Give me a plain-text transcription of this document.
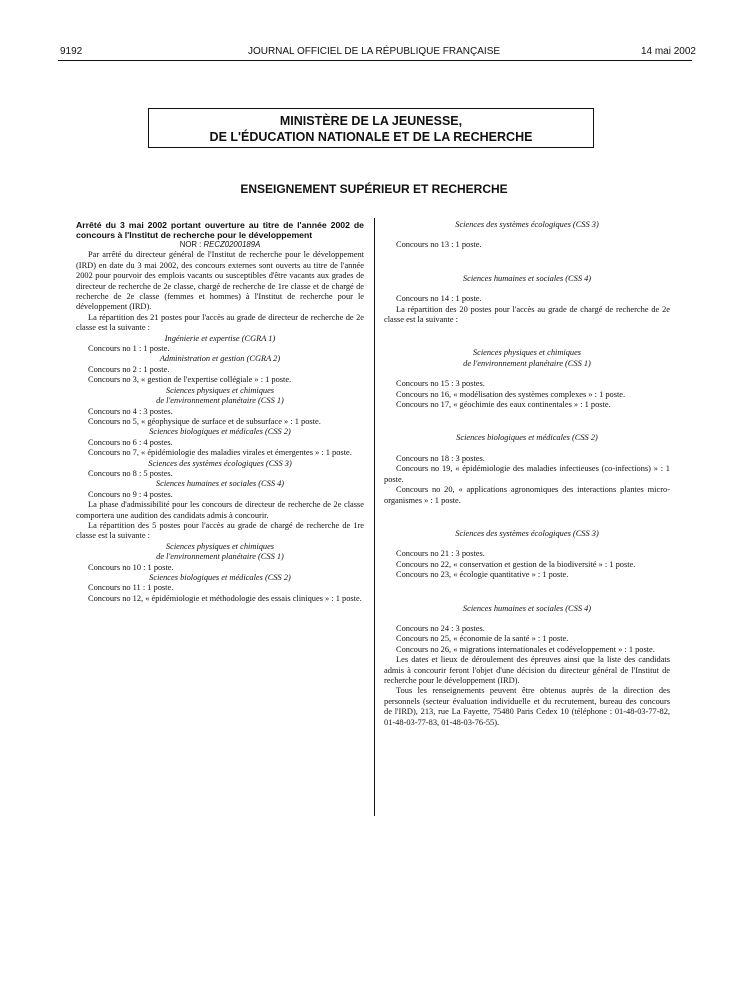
9192	JOURNAL OFFICIEL DE LA RÉPUBLIQUE FRANÇAISE	14 mai 2002
MINISTÈRE DE LA JEUNESSE,
DE L'ÉDUCATION NATIONALE ET DE LA RECHERCHE
ENSEIGNEMENT SUPÉRIEUR ET RECHERCHE

Arrêté du 3 mai 2002 portant ouverture au titre de l'année 2002 de concours à l'Institut de recherche pour le développement

NOR : RECZ0200189A

Par arrêté du directeur général de l'Institut de recherche pour le développement (IRD) en date du 3 mai 2002, des concours externes sont ouverts au titre de l'année 2002 pour pourvoir des emplois vacants ou susceptibles d'être vacants aux grades de directeur de recherche de 2e classe, chargé de recherche de 1re classe et de chargé de recherche de 2e classe (femmes et hommes) à l'Institut de recherche pour le développement (IRD).

La répartition des 21 postes pour l'accès au grade de directeur de recherche de 2e classe est la suivante :

Ingénierie et expertise (CGRA 1)

Concours no 1 : 1 poste.

Administration et gestion (CGRA 2)

Concours no 2 : 1 poste.

Concours no 3, « gestion de l'expertise collégiale » : 1 poste.

Sciences physiques et chimiques
de l'environnement planétaire (CSS 1)

Concours no 4 : 3 postes.

Concours no 5, « géophysique de surface et de subsurface » : 1 poste.

Sciences biologiques et médicales (CSS 2)

Concours no 6 : 4 postes.

Concours no 7, « épidémiologie des maladies virales et émergentes » : 1 poste.

Sciences des systèmes écologiques (CSS 3)

Concours no 8 : 5 postes.

Sciences humaines et sociales (CSS 4)

Concours no 9 : 4 postes.

La phase d'admissibilité pour les concours de directeur de recherche de 2e classe comportera une audition des candidats admis à concourir.

La répartition des 5 postes pour l'accès au grade de chargé de recherche de 1re classe est la suivante :

Sciences physiques et chimiques
de l'environnement planétaire (CSS 1)

Concours no 10 : 1 poste.

Sciences biologiques et médicales (CSS 2)

Concours no 11 : 1 poste.

Concours no 12, « épidémiologie et méthodologie des essais cliniques » : 1 poste.

Sciences des systèmes écologiques (CSS 3)

Concours no 13 : 1 poste.

Sciences humaines et sociales (CSS 4)

Concours no 14 : 1 poste.

La répartition des 20 postes pour l'accès au grade de chargé de recherche de 2e classe est la suivante :

Sciences physiques et chimiques
de l'environnement planétaire (CSS 1)

Concours no 15 : 3 postes.

Concours no 16, « modélisation des systèmes complexes » : 1 poste.

Concours no 17, « géochimie des eaux continentales » : 1 poste.

Sciences biologiques et médicales (CSS 2)

Concours no 18 : 3 postes.

Concours no 19, « épidémiologie des maladies infectieuses (co-infections) » : 1 poste.

Concours no 20, « applications agronomiques des interactions plantes micro-organismes » : 1 poste.

Sciences des systèmes écologiques (CSS 3)

Concours no 21 : 3 postes.

Concours no 22, « conservation et gestion de la biodiversité » : 1 poste.

Concours no 23, « écologie quantitative » : 1 poste.

Sciences humaines et sociales (CSS 4)

Concours no 24 : 3 postes.

Concours no 25, « économie de la santé » : 1 poste.

Concours no 26, « migrations internationales et codéveloppement » : 1 poste.

Les dates et lieux de déroulement des épreuves ainsi que la liste des candidats admis à concourir feront l'objet d'une décision du directeur général de l'Institut de recherche pour le développement (IRD).

Tous les renseignements peuvent être obtenus auprès de la direction des personnels (secteur évaluation individuelle et du recrutement, bureau des concours de l'IRD), 213, rue La Fayette, 75480 Paris Cedex 10 (téléphone : 01-48-03-77-82, 01-48-03-77-83, 01-48-03-76-55).
